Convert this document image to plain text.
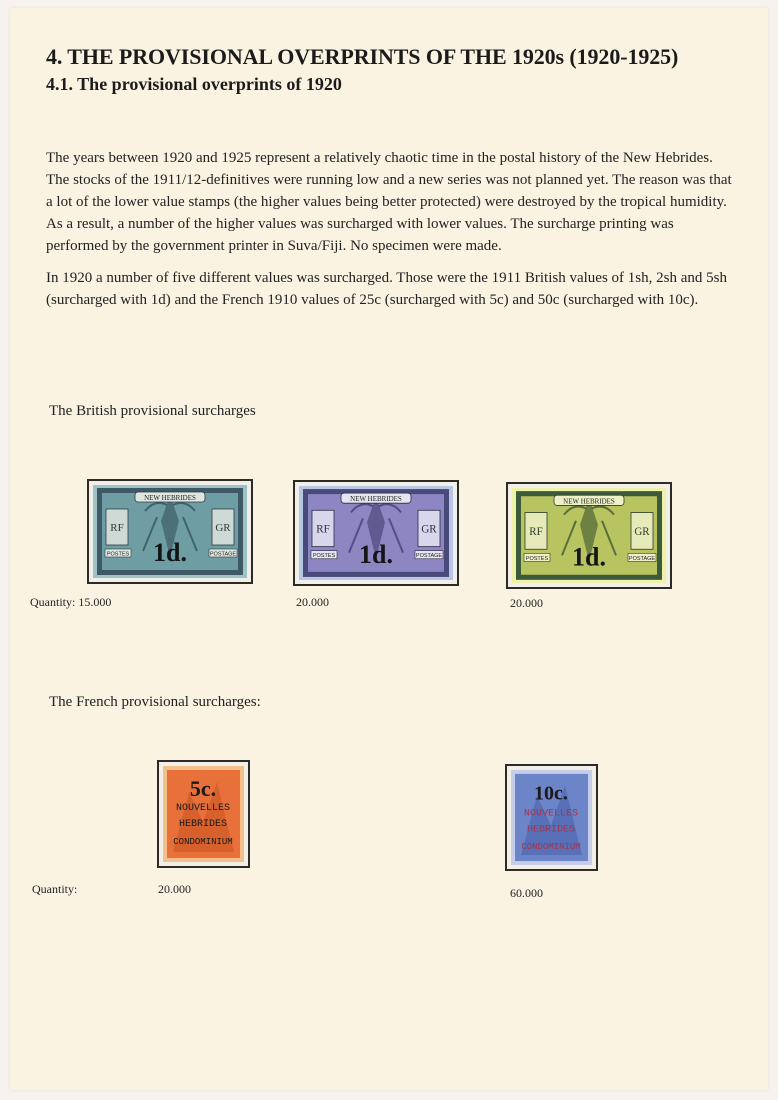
4. THE PROVISIONAL OVERPRINTS OF THE 1920s (1920-1925)
4.1. The provisional overprints of 1920
The years between 1920 and 1925 represent a relatively chaotic time in the postal history of the New Hebrides. The stocks of the 1911/12-definitives were running low and a new series was not planned yet. The reason was that a lot of the lower value stamps (the higher values being better protected) were destroyed by the tropical humidity. As a result, a number of the higher values was surcharged with lower values. The surcharge printing was performed by the government printer in Suva/Fiji. No specimen were made.
In 1920 a number of five different values was surcharged. Those were the 1911 British values of 1sh, 2sh and 5sh (surcharged with 1d) and the French 1910 values of 25c (surcharged with 5c) and 50c (surcharged with 10c).
The British provisional surcharges
NEW HEBRIDES
RF	GR
POSTES	POSTAGE
1d.
Quantity: 15.000
NEW HEBRIDES
RF	GR
POSTES	POSTAGE
1d.
20.000
NEW HEBRIDES
RF	GR
POSTES	POSTAGE
1d.
20.000
The French provisional surcharges:
5c.
NOUVELLES
HEBRIDES
CONDOMINIUM
Quantity:	20.000
10c.
NOUVELLES
HEBRIDES
CONDOMINIUM
60.000
